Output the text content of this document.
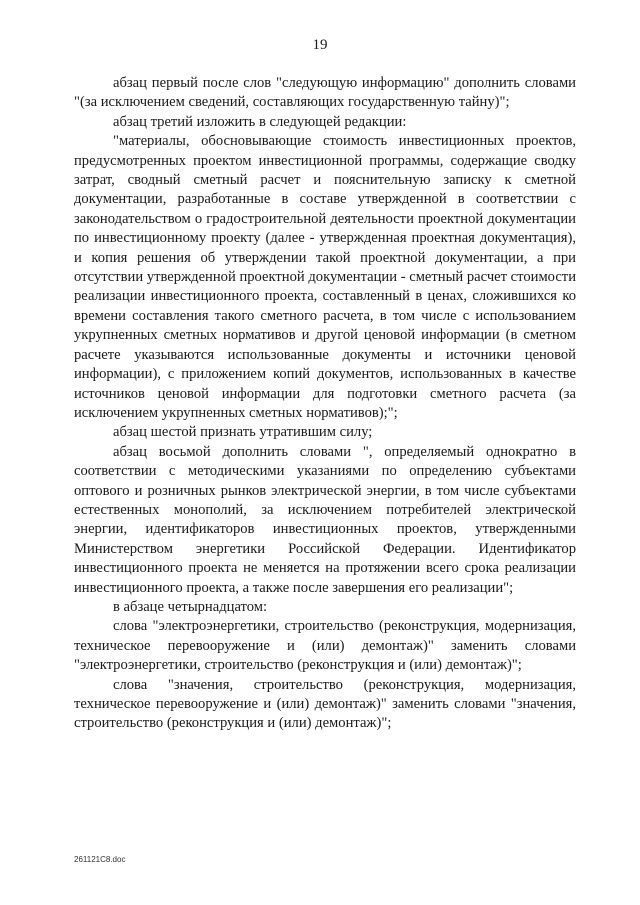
19

абзац первый после слов "следующую информацию" дополнить словами "(за исключением сведений, составляющих государственную тайну)";

абзац третий изложить в следующей редакции:

"материалы, обосновывающие стоимость инвестиционных проектов, предусмотренных проектом инвестиционной программы, содержащие сводку затрат, сводный сметный расчет и пояснительную записку к сметной документации, разработанные в составе утвержденной в соответствии с законодательством о градостроительной деятельности проектной документации по инвестиционному проекту (далее - утвержденная проектная документация), и копия решения об утверждении такой проектной документации, а при отсутствии утвержденной проектной документации - сметный расчет стоимости реализации инвестиционного проекта, составленный в ценах, сложившихся ко времени составления такого сметного расчета, в том числе с использованием укрупненных сметных нормативов и другой ценовой информации (в сметном расчете указываются использованные документы и источники ценовой информации), с приложением копий документов, использованных в качестве источников ценовой информации для подготовки сметного расчета (за исключением укрупненных сметных нормативов);";

абзац шестой признать утратившим силу;

абзац восьмой дополнить словами ", определяемый однократно в соответствии с методическими указаниями по определению субъектами оптового и розничных рынков электрической энергии, в том числе субъектами естественных монополий, за исключением потребителей электрической энергии, идентификаторов инвестиционных проектов, утвержденными Министерством энергетики Российской Федерации. Идентификатор инвестиционного проекта не меняется на протяжении всего срока реализации инвестиционного проекта, а также после завершения его реализации";

в абзаце четырнадцатом:

слова "электроэнергетики, строительство (реконструкция, модернизация, техническое перевооружение и (или) демонтаж)" заменить словами "электроэнергетики, строительство (реконструкция и (или) демонтаж)";

слова "значения, строительство (реконструкция, модернизация, техническое перевооружение и (или) демонтаж)" заменить словами "значения, строительство (реконструкция и (или) демонтаж)";

261121C8.doc
